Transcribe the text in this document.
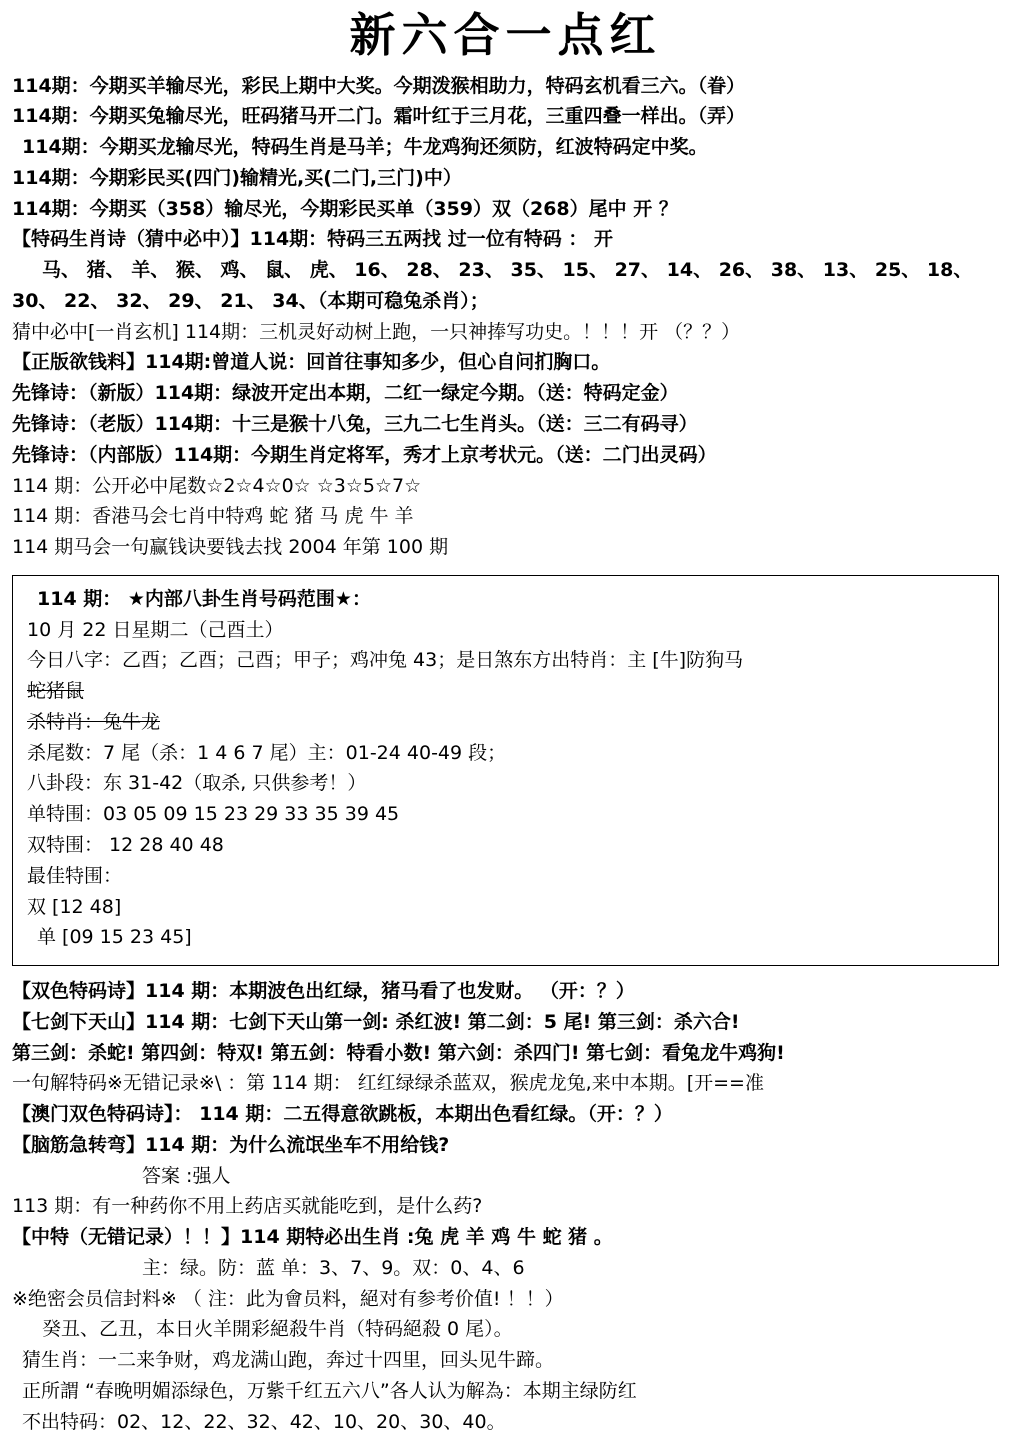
新六合一点红
114期：今期买羊输尽光，彩民上期中大奖。今期泼猴相助力，特码玄机看三六。（眷）
114期：今期买兔输尽光，旺码猪马开二门。霜叶红于三月花，三重四叠一样出。（弄）
114期：今期买龙输尽光，特码生肖是马羊；牛龙鸡狗还须防，红波特码定中奖。
114期：今期彩民买(四门)输精光,买(二门,三门)中）
114期：今期买（358）输尽光，今期彩民买单（359）双（268）尾中 开 ？
【特码生肖诗（猜中必中）】114期：特码三五两找 过一位有特码 ： 开
马、 猪、 羊、 猴、 鸡、 鼠、 虎、 16、 28、 23、 35、 15、 27、 14、 26、 38、 13、 25、 18、
30、 22、 32、 29、 21、 34、（本期可稳兔杀肖）；
猜中必中[一肖玄机] 114期：三机灵好动树上跑，一只神捧写功史。！！！开 （？？）
【正版欲钱料】114期:曾道人说：回首往事知多少，但心自问扪胸口。
先锋诗：（新版）114期：绿波开定出本期，二红一绿定今期。（送：特码定金）
先锋诗：（老版）114期：十三是猴十八兔，三九二七生肖头。（送：三二有码寻）
先锋诗：（内部版）114期：今期生肖定将军，秀才上京考状元。（送：二门出灵码）
114 期：公开必中尾数☆2☆4☆0☆ ☆3☆5☆7☆
114 期：香港马会七肖中特鸡 蛇 猪 马 虎 牛 羊
114 期马会一句赢钱诀要钱去找 2004 年第 100 期
114 期： ★内部八卦生肖号码范围★：
10 月 22 日星期二（己酉土）
今日八字：乙酉；乙酉；己酉；甲子；鸡冲兔 43；是日煞东方出特肖：主 [牛]防狗马
蛇猪鼠
杀特肖：兔牛龙
杀尾数：7 尾（杀：1 4 6 7 尾）主：01-24 40-49 段；
八卦段：东 31-42（取杀, 只供参考！）
单特围：03 05 09 15 23 29 33 35 39 45
双特围： 12 28 40 48
最佳特围：
双 [12 48]
单 [09 15 23 45]
【双色特码诗】114 期：本期波色出红绿，猪马看了也发财。 （开：？）
【七剑下天山】114 期：七剑下天山第一剑: 杀红波! 第二剑：5 尾! 第三剑：杀六合!
第三剑：杀蛇! 第四剑：特双! 第五剑：特看小数! 第六剑：杀四门! 第七剑：看兔龙牛鸡狗!
一句解特码※无错记录※\ ：第 114 期： 红红绿绿杀蓝双，猴虎龙兔,来中本期。[开==准
【澳门双色特码诗】： 114 期：二五得意欲跳板，本期出色看红绿。（开：？）
【脑筋急转弯】114 期：为什么流氓坐车不用给钱?
答案 :强人
113 期：有一种药你不用上药店买就能吃到，是什么药?
【中特（无错记录）！！】114 期特必出生肖 :兔 虎 羊 鸡 牛 蛇 猪 。
主：绿。防：蓝 单：3、7、9。双：0、4、6
※绝密会员信封料※ （ 注：此为會员料，絕对有参考价值! ！！）
癸丑、乙丑，本日火羊開彩絕殺牛肖（特码絕殺 0 尾）。
猜生肖：一二来争财，鸡龙满山跑，奔过十四里，回头见牛蹄。
正所謂 “春晚明媚添绿色，万紫千红五六八”各人认为解為：本期主绿防红
不出特码：02、12、22、32、42、10、20、30、40。
